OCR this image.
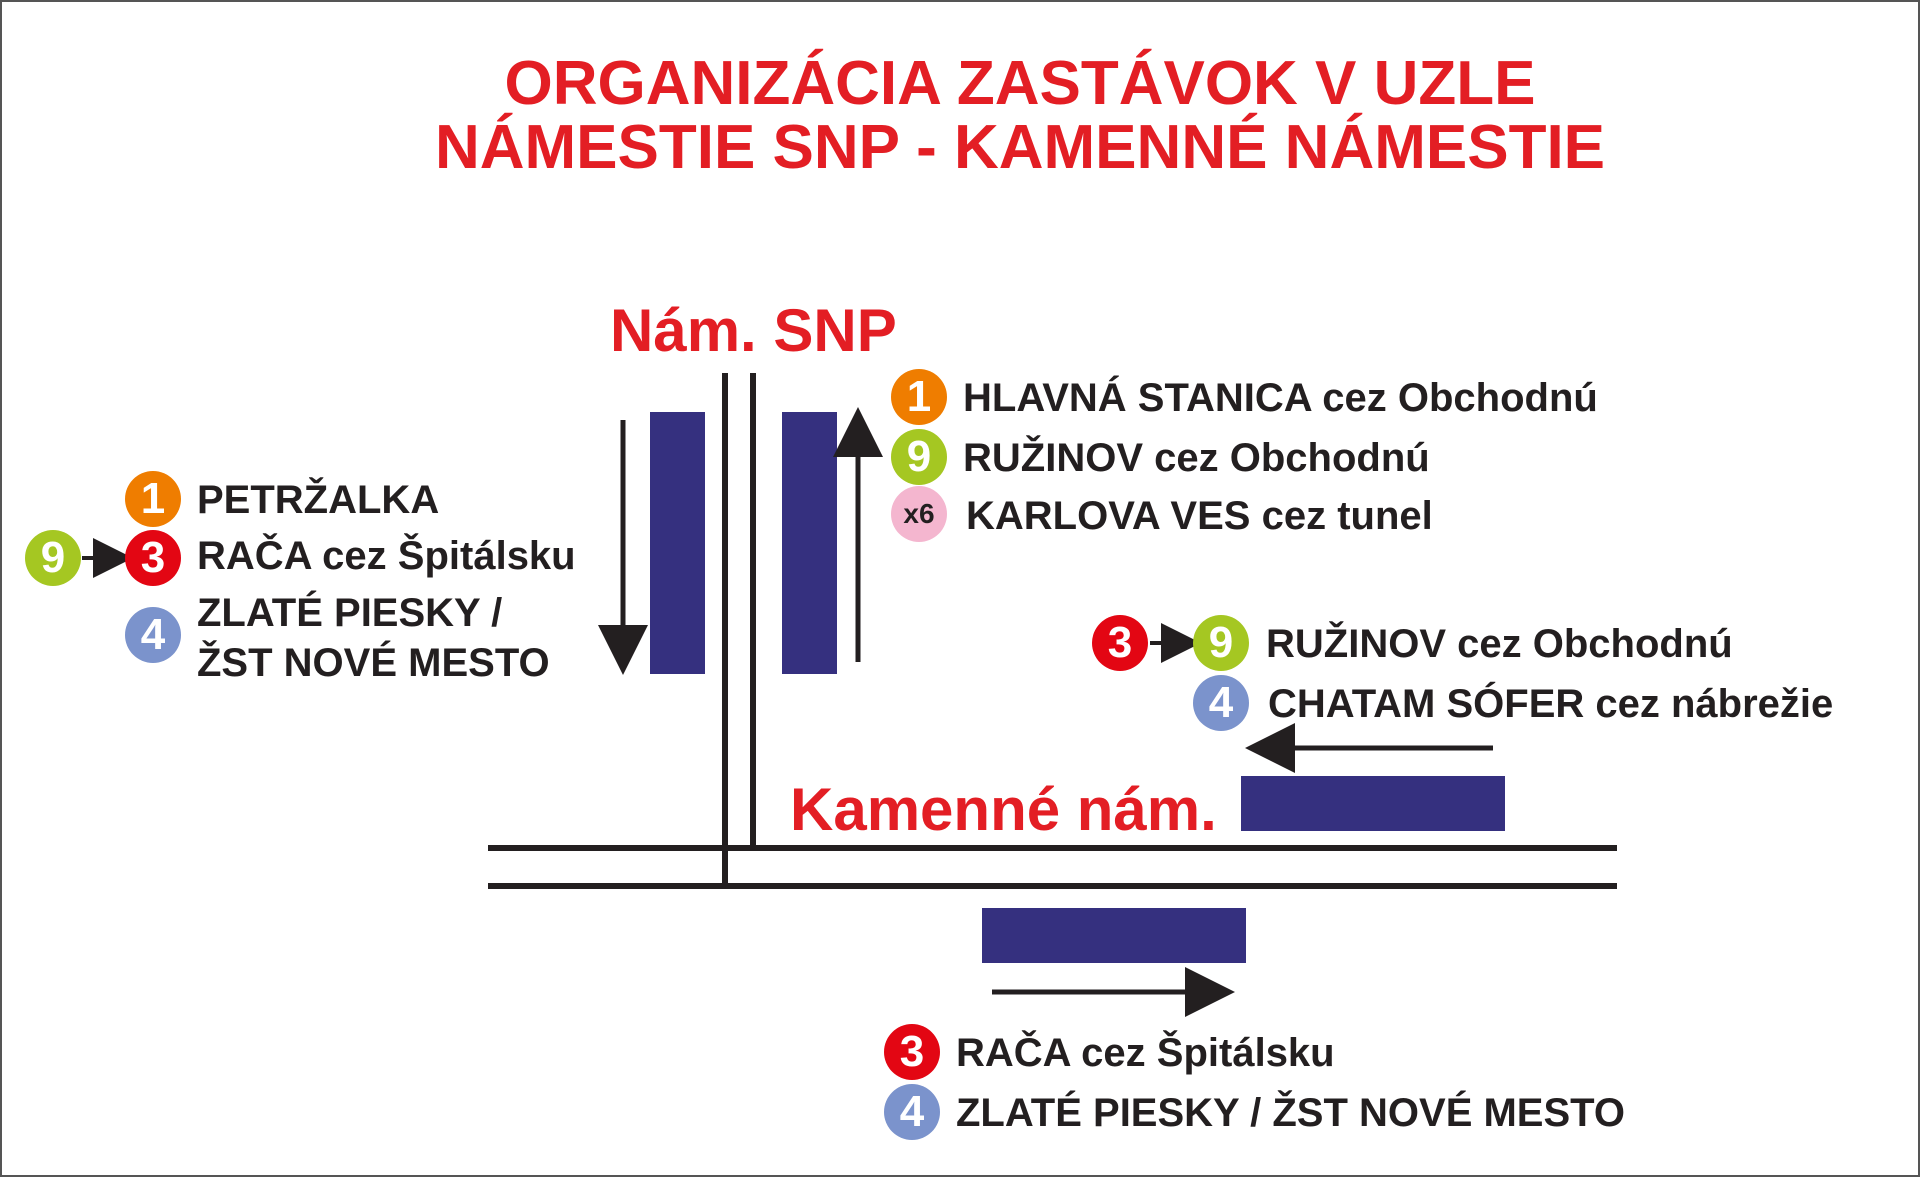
ORGANIZÁCIA ZASTÁVOK V UZLE
NÁMESTIE SNP - KAMENNÉ NÁMESTIE
Nám. SNP
Kamenné nám.
1 PETRŽALKA
9	3 RAČA cez Špitálsku
4 ZLATÉ PIESKY /
ŽST NOVÉ MESTO
1 HLAVNÁ STANICA cez Obchodnú
9 RUŽINOV cez Obchodnú
x6 KARLOVA VES cez tunel
3	9 RUŽINOV cez Obchodnú
4 CHATAM SÓFER cez nábrežie
3 RAČA cez Špitálsku
4 ZLATÉ PIESKY / ŽST NOVÉ MESTO
